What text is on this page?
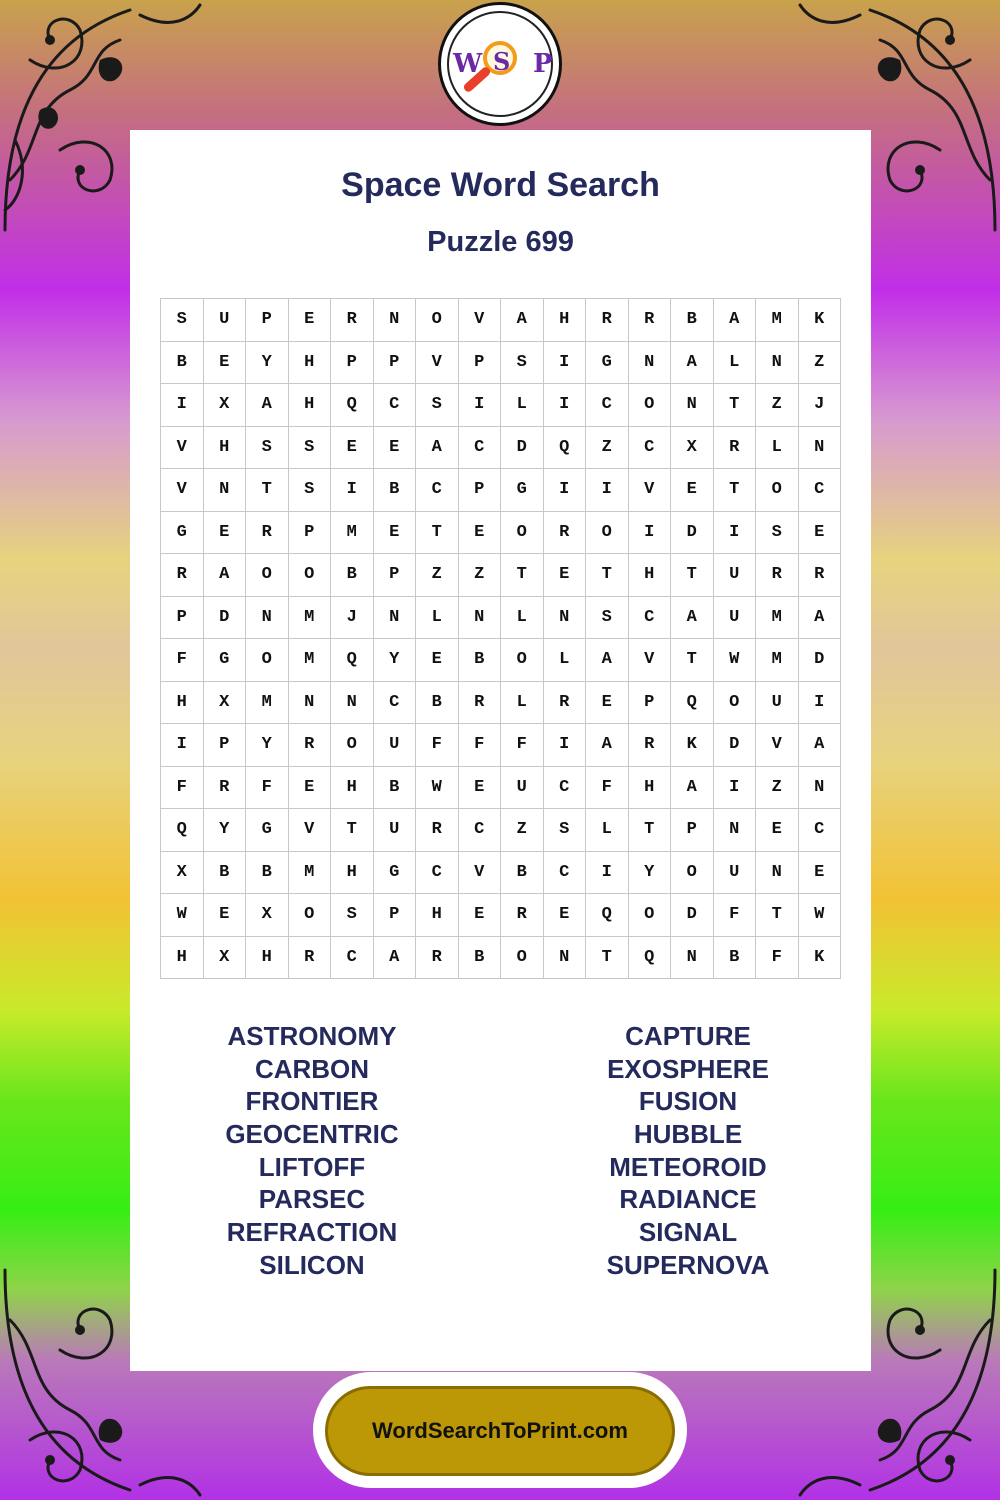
W S P
Space Word Search
Puzzle 699
S	U	P	E	R	N	O	V	A	H	R	R	B	A	M	K
B	E	Y	H	P	P	V	P	S	I	G	N	A	L	N	Z
I	X	A	H	Q	C	S	I	L	I	C	O	N	T	Z	J
V	H	S	S	E	E	A	C	D	Q	Z	C	X	R	L	N
V	N	T	S	I	B	C	P	G	I	I	V	E	T	O	C
G	E	R	P	M	E	T	E	O	R	O	I	D	I	S	E
R	A	O	O	B	P	Z	Z	T	E	T	H	T	U	R	R
P	D	N	M	J	N	L	N	L	N	S	C	A	U	M	A
F	G	O	M	Q	Y	E	B	O	L	A	V	T	W	M	D
H	X	M	N	N	C	B	R	L	R	E	P	Q	O	U	I
I	P	Y	R	O	U	F	F	F	I	A	R	K	D	V	A
F	R	F	E	H	B	W	E	U	C	F	H	A	I	Z	N
Q	Y	G	V	T	U	R	C	Z	S	L	T	P	N	E	C
X	B	B	M	H	G	C	V	B	C	I	Y	O	U	N	E
W	E	X	O	S	P	H	E	R	E	Q	O	D	F	T	W
H	X	H	R	C	A	R	B	O	N	T	Q	N	B	F	K
ASTRONOMY
CARBON
FRONTIER
GEOCENTRIC
LIFTOFF
PARSEC
REFRACTION
SILICON
CAPTURE
EXOSPHERE
FUSION
HUBBLE
METEOROID
RADIANCE
SIGNAL
SUPERNOVA
WordSearchToPrint.com
